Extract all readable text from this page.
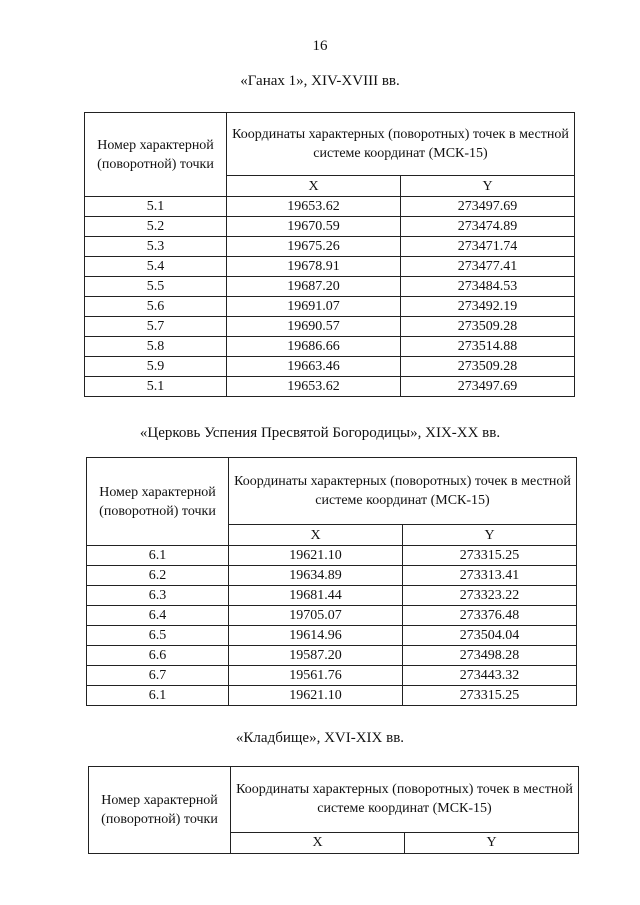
16
«Ганах 1», XIV-XVIII вв.
Номер характерной (поворотной) точки	Координаты характерных (поворотных) точек в местной системе координат (МСК-15)	
	X	Y
5.1	19653.62	273497.69
5.2	19670.59	273474.89
5.3	19675.26	273471.74
5.4	19678.91	273477.41
5.5	19687.20	273484.53
5.6	19691.07	273492.19
5.7	19690.57	273509.28
5.8	19686.66	273514.88
5.9	19663.46	273509.28
5.1	19653.62	273497.69
«Церковь Успения Пресвятой Богородицы», XIX-XX вв.
Номер характерной (поворотной) точки	Координаты характерных (поворотных) точек в местной системе координат (МСК-15)	
	X	Y
6.1	19621.10	273315.25
6.2	19634.89	273313.41
6.3	19681.44	273323.22
6.4	19705.07	273376.48
6.5	19614.96	273504.04
6.6	19587.20	273498.28
6.7	19561.76	273443.32
6.1	19621.10	273315.25
«Кладбище», XVI-XIX вв.
Номер характерной (поворотной) точки	Координаты характерных (поворотных) точек в местной системе координат (МСК-15)	
	X	Y
